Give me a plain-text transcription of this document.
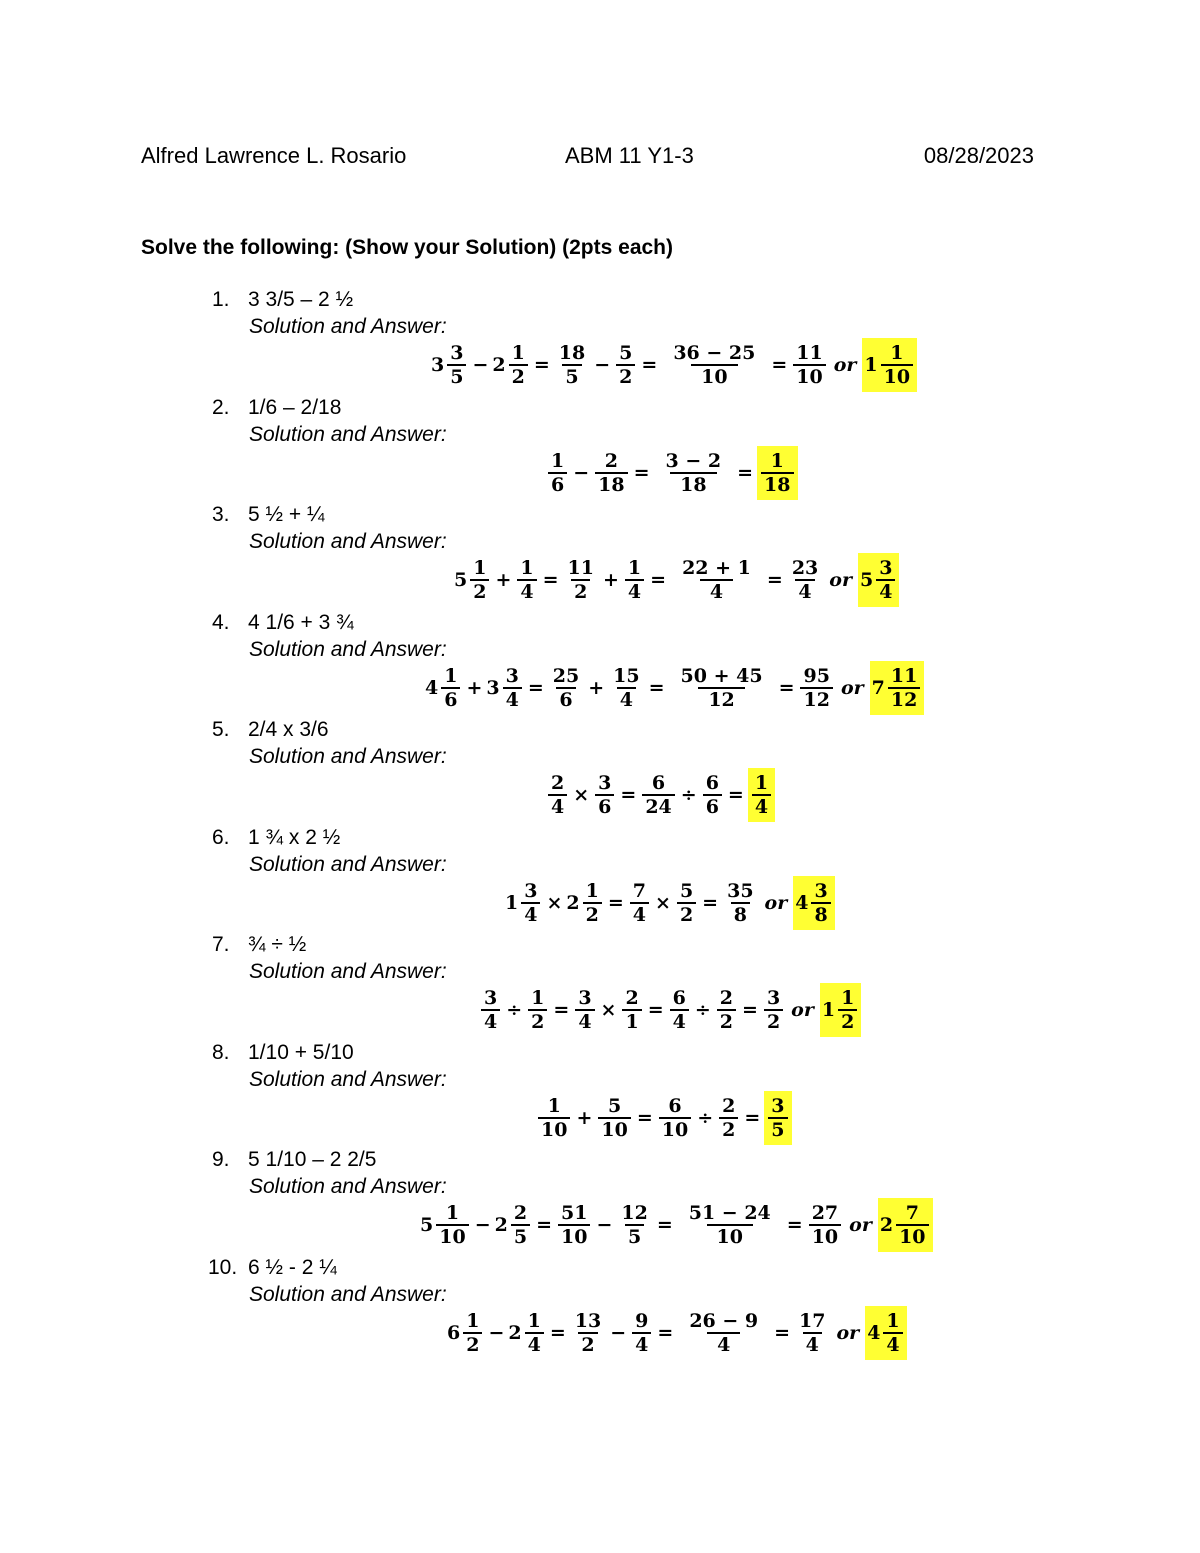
Alfred Lawrence L. Rosario	ABM 11 Y1-3	08/28/2023
Solve the following: (Show your Solution) (2pts each)
1. 3 3/5 – 2 ½
Solution and Answer:
$3 \frac{3}{5} - 2 \frac{1}{2} = \frac{18}{5} - \frac{5}{2} = \frac{36 - 25}{10} = \frac{11}{10}$ or $1 \frac{1}{10}$
2. 1/6 – 2/18
Solution and Answer:
$\frac{1}{6} - \frac{2}{18} = \frac{3 - 2}{18} = \frac{1}{18}$
3. 5 ½ + ¼
Solution and Answer:
$5 \frac{1}{2} + \frac{1}{4} = \frac{11}{2} + \frac{1}{4} = \frac{22 + 1}{4} = \frac{23}{4}$ or $5 \frac{3}{4}$
4. 4 1/6 + 3 ¾
Solution and Answer:
$4 \frac{1}{6} + 3 \frac{3}{4} = \frac{25}{6} + \frac{15}{4} = \frac{50 + 45}{12} = \frac{95}{12}$ or $7 \frac{11}{12}$
5. 2/4 x 3/6
Solution and Answer:
$\frac{2}{4} \times \frac{3}{6} = \frac{6}{24} \div \frac{6}{6} = \frac{1}{4}$
6. 1 ¾ x 2 ½
Solution and Answer:
$1 \frac{3}{4} \times 2 \frac{1}{2} = \frac{7}{4} \times \frac{5}{2} = \frac{35}{8}$ or $4 \frac{3}{8}$
7. ¾ ÷ ½
Solution and Answer:
$\frac{3}{4} \div \frac{1}{2} = \frac{3}{4} \times \frac{2}{1} = \frac{6}{4} \div \frac{2}{2} = \frac{3}{2}$ or $1 \frac{1}{2}$
8. 1/10 + 5/10
Solution and Answer:
$\frac{1}{10} + \frac{5}{10} = \frac{6}{10} \div \frac{2}{2} = \frac{3}{5}$
9. 5 1/10 – 2 2/5
Solution and Answer:
$5 \frac{1}{10} - 2 \frac{2}{5} = \frac{51}{10} - \frac{12}{5} = \frac{51 - 24}{10} = \frac{27}{10}$ or $2 \frac{7}{10}$
10. 6 ½ - 2 ¼
Solution and Answer:
$6 \frac{1}{2} - 2 \frac{1}{4} = \frac{13}{2} - \frac{9}{4} = \frac{26 - 9}{4} = \frac{17}{4}$ or $4 \frac{1}{4}$
